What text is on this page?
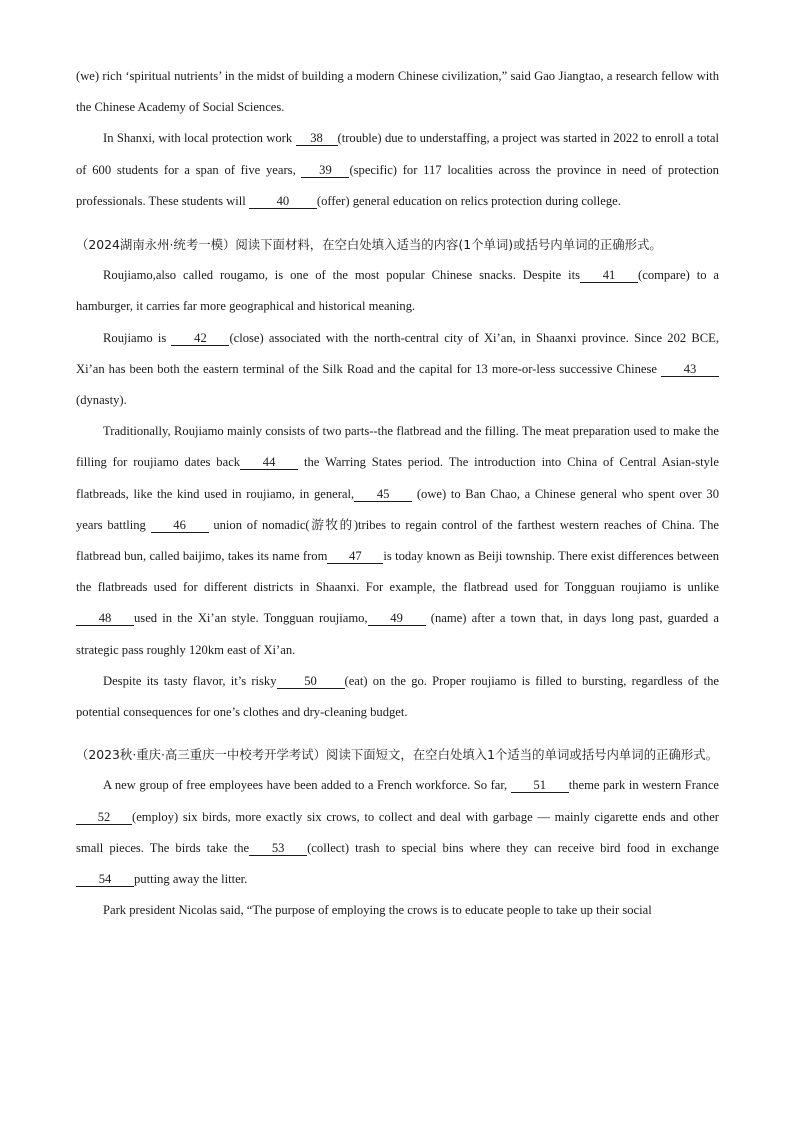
(we) rich ‘spiritual nutrients’ in the midst of building a modern Chinese civilization,” said Gao Jiangtao, a research fellow with the Chinese Academy of Social Sciences.

In Shanxi, with local protection work 38 (trouble) due to understaffing, a project was started in 2022 to enroll a total of 600 students for a span of five years, 39 (specific) for 117 localities across the province in need of protection professionals. These students will 40 (offer) general education on relics protection during college.

（2024湖南永州·统考一模）阅读下面材料，在空白处填入适当的内容(1个单词)或括号内单词的正确形式。

Roujiamo,also called rougamo, is one of the most popular Chinese snacks. Despite its 41 (compare) to a hamburger, it carries far more geographical and historical meaning.

Roujiamo is 42 (close) associated with the north-central city of Xi’an, in Shaanxi province. Since 202 BCE, Xi’an has been both the eastern terminal of the Silk Road and the capital for 13 more-or-less successive Chinese 43(dynasty).

Traditionally, Roujiamo mainly consists of two parts--the flatbread and the filling. The meat preparation used to make the filling for roujiamo dates back 44 the Warring States period. The introduction into China of Central Asian-style flatbreads, like the kind used in roujiamo, in general, 45 (owe) to Ban Chao, a Chinese general who spent over 30 years battling 46 union of nomadic(游牧的)tribes to regain control of the farthest western reaches of China. The flatbread bun, called baijimo, takes its name from 47 is today known as Beiji township. There exist differences between the flatbreads used for different districts in Shaanxi. For example, the flatbread used for Tongguan roujiamo is unlike48 used in the Xi’an style. Tongguan roujiamo, 49 (name) after a town that, in days long past, guarded a strategic pass roughly 120km east of Xi’an.

Despite its tasty flavor, it’s risky 50 (eat) on the go. Proper roujiamo is filled to bursting, regardless of the potential consequences for one’s clothes and dry-cleaning budget.

（2023秋·重庆·高三重庆一中校考开学考试）阅读下面短文，在空白处填入1个适当的单词或括号内单词的正确形式。

A new group of free employees have been added to a French workforce. So far, 51 theme park in western France52 (employ) six birds, more exactly six crows, to collect and deal with garbage — mainly cigarette ends and other small pieces. The birds take the 53 (collect) trash to special bins where they can receive bird food in exchange54 putting away the litter.

Park president Nicolas said, “The purpose of employing the crows is to educate people to take up their social
